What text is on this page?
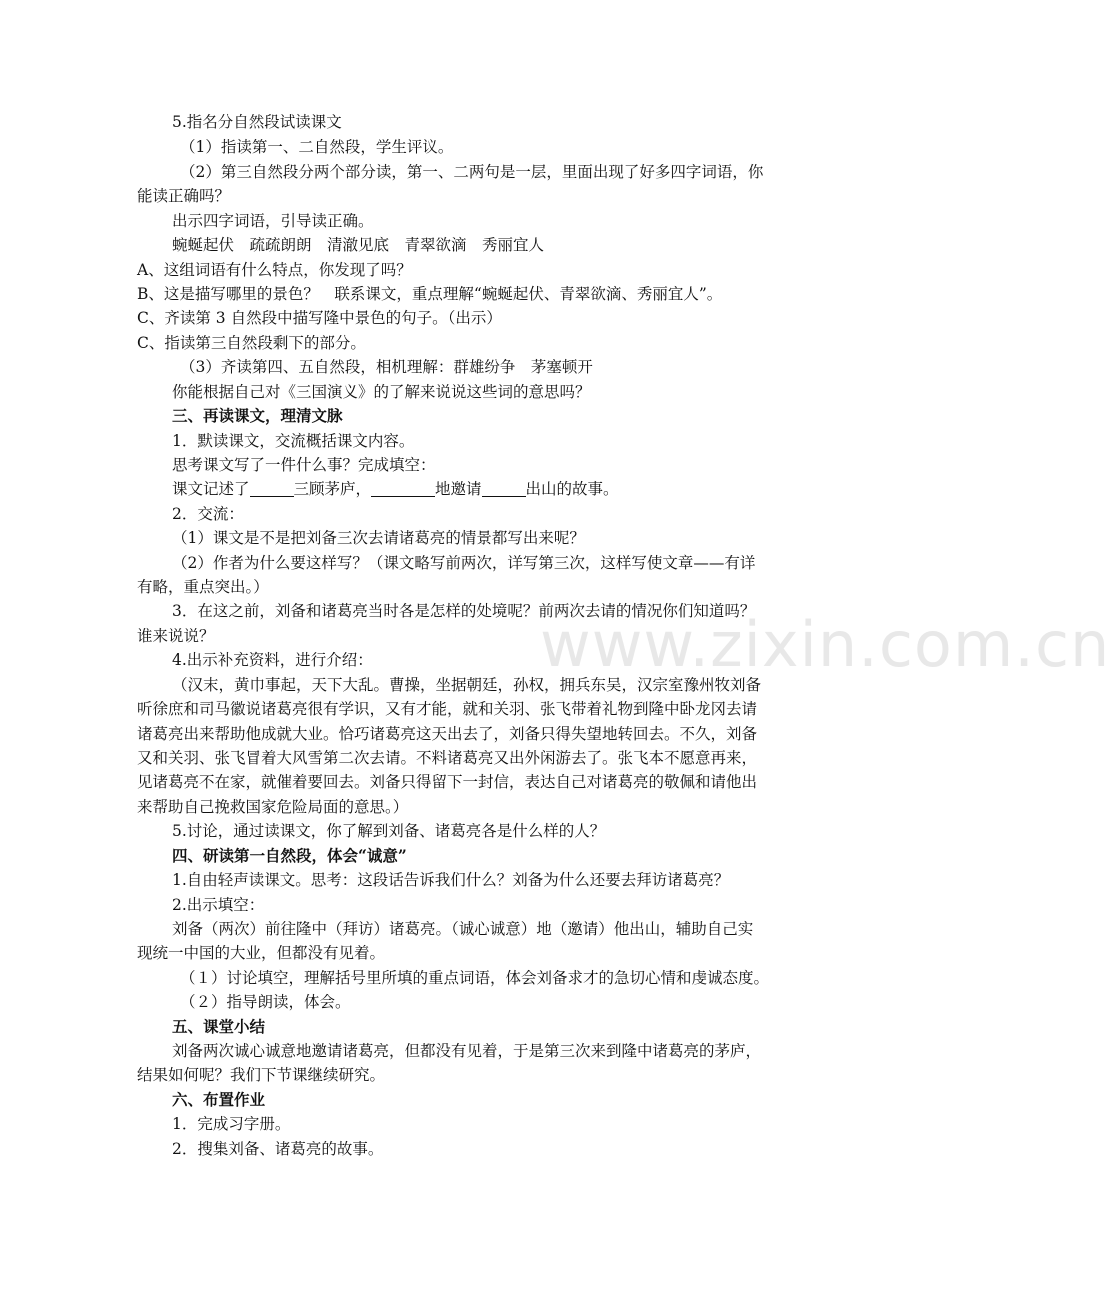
www.zixin.com.cn
5.指名分自然段试读课文
（1）指读第一、二自然段，学生评议。
（2）第三自然段分两个部分读，第一、二两句是一层，里面出现了好多四字词语，你
能读正确吗？
出示四字词语，引导读正确。
蜿蜒起伏　疏疏朗朗　清澈见底　青翠欲滴　秀丽宜人
A、这组词语有什么特点，你发现了吗？
B、这是描写哪里的景色？　联系课文，重点理解“蜿蜒起伏、青翠欲滴、秀丽宜人”。
C、齐读第 3 自然段中描写隆中景色的句子。（出示）
C、指读第三自然段剩下的部分。
（3）齐读第四、五自然段，相机理解：群雄纷争　茅塞顿开
你能根据自己对《三国演义》的了解来说说这些词的意思吗？
三、再读课文，理清文脉
1．默读课文，交流概括课文内容。
思考课文写了一件什么事？完成填空：
课文记述了	三顾茅庐，	地邀请	出山的故事。
2．交流：
（1）课文是不是把刘备三次去请诸葛亮的情景都写出来呢？
（2）作者为什么要这样写？（课文略写前两次，详写第三次，这样写使文章——有详
有略，重点突出。）
3．在这之前，刘备和诸葛亮当时各是怎样的处境呢？前两次去请的情况你们知道吗？
谁来说说？
4.出示补充资料，进行介绍：
（汉末，黄巾事起，天下大乱。曹操，坐据朝廷，孙权，拥兵东吴，汉宗室豫州牧刘备
听徐庶和司马徽说诸葛亮很有学识，又有才能，就和关羽、张飞带着礼物到隆中卧龙冈去请
诸葛亮出来帮助他成就大业。恰巧诸葛亮这天出去了，刘备只得失望地转回去。不久，刘备
又和关羽、张飞冒着大风雪第二次去请。不料诸葛亮又出外闲游去了。张飞本不愿意再来，
见诸葛亮不在家，就催着要回去。刘备只得留下一封信，表达自己对诸葛亮的敬佩和请他出
来帮助自己挽救国家危险局面的意思。）
5.讨论，通过读课文，你了解到刘备、诸葛亮各是什么样的人？
四、研读第一自然段，体会“诚意”
1.自由轻声读课文。思考：这段话告诉我们什么？刘备为什么还要去拜访诸葛亮？
2.出示填空：
刘备（两次）前往隆中（拜访）诸葛亮。（诚心诚意）地（邀请）他出山，辅助自己实
现统一中国的大业，但都没有见着。
（１）讨论填空，理解括号里所填的重点词语，体会刘备求才的急切心情和虔诚态度。
（２）指导朗读，体会。
五、课堂小结
刘备两次诚心诚意地邀请诸葛亮，但都没有见着，于是第三次来到隆中诸葛亮的茅庐，
结果如何呢？我们下节课继续研究。
六、布置作业
1．完成习字册。
2．搜集刘备、诸葛亮的故事。
